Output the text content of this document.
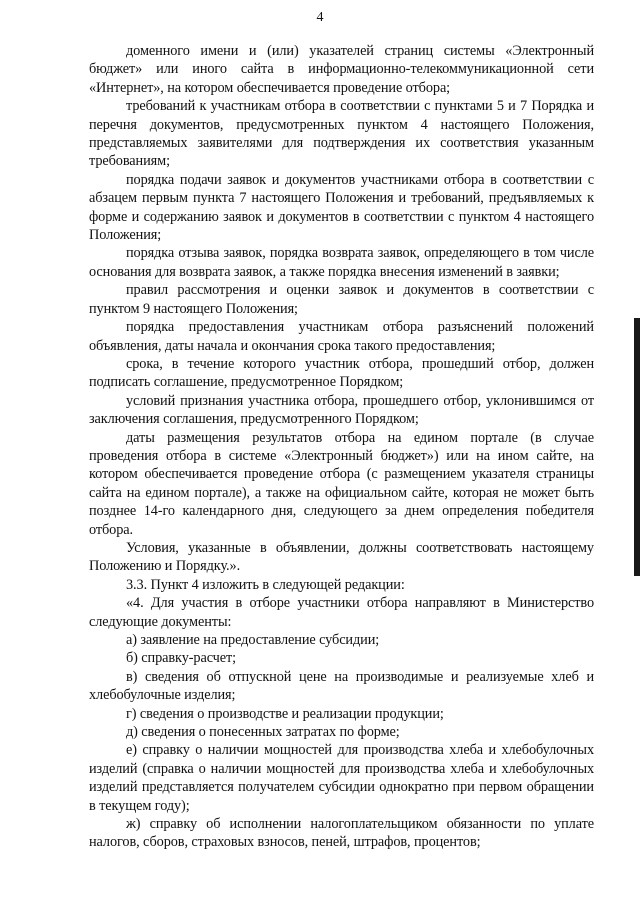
4

доменного имени и (или) указателей страниц системы «Электронный бюджет» или иного сайта в информационно-телекоммуникационной сети «Интернет», на котором обеспечивается проведение отбора;

требований к участникам отбора в соответствии с пунктами 5 и 7 Порядка и перечня документов, предусмотренных пунктом 4 настоящего Положения, представляемых заявителями для подтверждения их соответствия указанным требованиям;

порядка подачи заявок и документов участниками отбора в соответствии с абзацем первым пункта 7 настоящего Положения и требований, предъявляемых к форме и содержанию заявок и документов в соответствии с пунктом 4 настоящего Положения;

порядка отзыва заявок, порядка возврата заявок, определяющего в том числе основания для возврата заявок, а также порядка внесения изменений в заявки;

правил рассмотрения и оценки заявок и документов в соответствии с пунктом 9 настоящего Положения;

порядка предоставления участникам отбора разъяснений положений объявления, даты начала и окончания срока такого предоставления;

срока, в течение которого участник отбора, прошедший отбор, должен подписать соглашение, предусмотренное Порядком;

условий признания участника отбора, прошедшего отбор, уклонившимся от заключения соглашения, предусмотренного Порядком;

даты размещения результатов отбора на едином портале (в случае проведения отбора в системе «Электронный бюджет») или на ином сайте, на котором обеспечивается проведение отбора (с размещением указателя страницы сайта на едином портале), а также на официальном сайте, которая не может быть позднее 14-го календарного дня, следующего за днем определения победителя отбора.

Условия, указанные в объявлении, должны соответствовать настоящему Положению и Порядку.».

3.3. Пункт 4 изложить в следующей редакции:

«4. Для участия в отборе участники отбора направляют в Министерство следующие документы:

а) заявление на предоставление субсидии;

б) справку-расчет;

в) сведения об отпускной цене на производимые и реализуемые хлеб и хлебобулочные изделия;

г) сведения о производстве и реализации продукции;

д) сведения о понесенных затратах по форме;

е) справку о наличии мощностей для производства хлеба и хлебобулочных изделий (справка о наличии мощностей для производства хлеба и хлебобулочных изделий представляется получателем субсидии однократно при первом обращении в текущем году);

ж) справку об исполнении налогоплательщиком обязанности по уплате налогов, сборов, страховых взносов, пеней, штрафов, процентов;
